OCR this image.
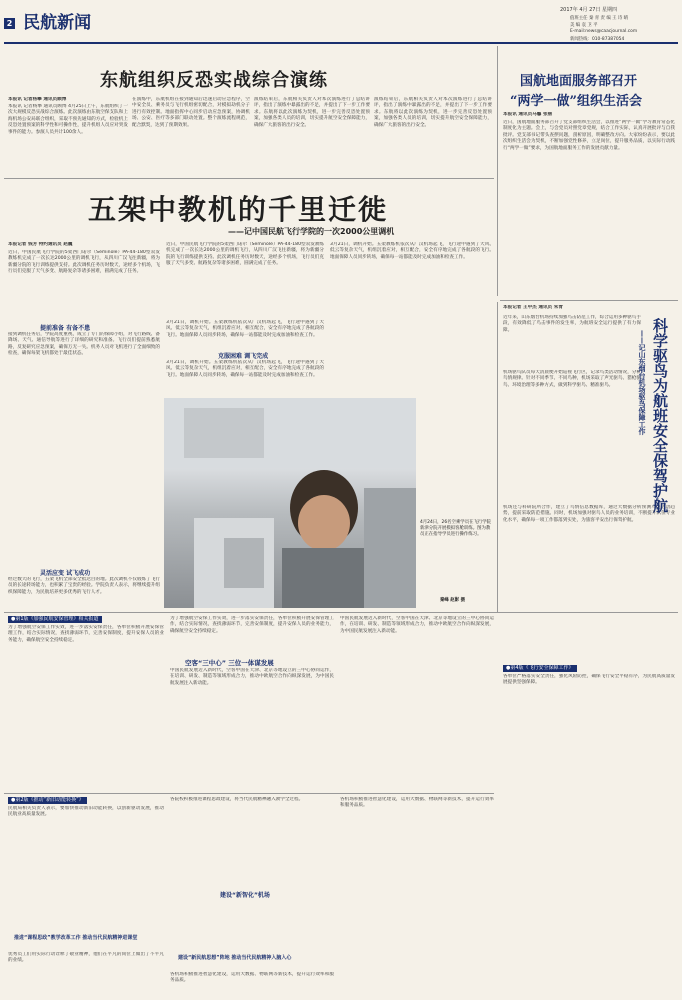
2 民航新闻
2017年 4月 27日 星期四
值班主任 秦 青 责 编 王 诗 晴
美 编 袁 卫 平
E-mail:news@caacjournal.com
新闻热线：010-87387054
东航组织反恐实战综合演练
本报讯 记者杨攀 通讯员顾博
本报讯 记者杨攀 通讯员顾博 4月25日上午，东航组织了一次大规模反恐实战综合演练。此次演练由东航空保支队和上海机场公安局联合组织，采取不预先通知的方式，检验机上反恐处置预案的科学性和可操作性，提升机组人员应对突发事件的能力。参演人员共计100余人。
在演练中，东航机组在接到通知后迅速启动应急程序，空中安全员、乘务员与飞行机组密切配合，对模拟劫机分子进行有效控制。地面指挥中心同步启动应急预案，协调机场、公安、医疗等多部门联动处置。整个演练流程规范，配合默契，达到了预期效果。
演练结束后，东航相关负责人对本次演练进行了总结讲评，指出了演练中暴露出的不足，并提出了下一步工作要求。东航将以此次演练为契机，进一步完善反恐处置预案，加强各类人员的培训，切实提升航空安全保障能力，确保广大旅客的出行安全。
演练结束后，东航相关负责人对本次演练进行了总结讲评，指出了演练中暴露出的不足，并提出了下一步工作要求。东航将以此次演练为契机，进一步完善反恐处置预案，加强各类人员的培训，切实提升航空安全保障能力，确保广大旅客的出行安全。
国航地面服务部召开
“两学一做”组织生活会
本报讯 通讯员马馨 张丽
近日，国航地面服务部召开了党支部组织生活会，以推进“两学一做”学习教育常态化制度化为主题。会上，与会党员对照党章党规，结合工作实际，认真开展批评与自我批评。党支部书记带头查摆问题，剖析原因，明确整改方向。大家纷纷表示，要以此次组织生活会为契机，不断加强党性修养，立足岗位，提升服务品质，以实际行动践行“两学一做”要求，为国航地面服务工作的发展贡献力量。
五架中教机的千里迁徙
——记中国民航飞行学院的一次2000公里调机
本报记者 钱芳 特约通讯员 赵巍
近日，中国民航飞行学院的5架西门诺尔（Seminole）PA-44-180型双发教练机完成了一次长达2000公里的调机飞行，从四川广汉飞往新疆，将为新疆分院的飞行训练提供支持。此次调机任务历时数天，途经多个机场，飞行员们克服了天气多变、航路复杂等诸多困难，圆满完成了任务。
提前准备 有备不患
接到调机任务后，学院高度重视，成立了专门的保障小组，对飞行路线、备降场、天气、通信导航等进行了详细的研究和准备。飞行员们提前熟悉航路，反复研究应急预案，确保万无一失。机务人员对飞机进行了全面细致的检查，确保每架飞机都处于最佳状态。
灵活应变 试飞成功
经过数天的飞行，五架飞机全部安全抵达目的地。此次调机不仅锻炼了飞行员的长途转场能力，也积累了宝贵的经验。学院负责人表示，将继续提升组织保障能力，为民航培养更多优秀的飞行人才。
近日，中国民航飞行学院的5架西门诺尔（Seminole）PA-44-180型双发教练机完成了一次长达2000公里的调机飞行，从四川广汉飞往新疆，将为新疆分院的飞行训练提供支持。此次调机任务历时数天，途经多个机场，飞行员们克服了天气多变、航路复杂等诸多困难，圆满完成了任务。
克服困难 调飞完成
3月21日，调机开始。五架教练机依次从广汉机场起飞，飞行途中遇到了大风、低云等复杂天气，机组沉着应对，相互配合，安全有序地完成了各航段的飞行。地面保障人员同步转场，确保每一站都能及时完成加油和检查工作。
3月21日，调机开始。五架教练机依次从广汉机场起飞，飞行途中遇到了大风、低云等复杂天气，机组沉着应对，相互配合，安全有序地完成了各航段的飞行。地面保障人员同步转场，确保每一站都能及时完成加油和检查工作。
3月21日，调机开始。五架教练机依次从广汉机场起飞，飞行途中遇到了大风、低云等复杂天气，机组沉着应对，相互配合，安全有序地完成了各航段的飞行。地面保障人员同步转场，确保每一站都能及时完成加油和检查工作。
4月24日，26名空乘学员在飞行学院新津分院开展模拟客舱训练。图为教员正在指导学员进行操作练习。
秦峰 赵影 摄
本报记者 王中杰 通讯员 朱青
近年来，山东烟台机场持续加强鸟击防范工作，综合运用多种驱鸟手段，有效降低了鸟击事件的发生率，为航班安全运行提供了有力保障。
机场驱鸟队员每天清晨便开始巡视飞行区，记录鸟类活动情况，分析鸟情规律。针对不同季节、不同鸟种，机场采取了声光驱鸟、猎枪驱鸟、环境治理等多种方式，做到科学驱鸟、精准驱鸟。
机场还与科研院所合作，建立了鸟情信息数据库，通过大数据分析预测鸟类活动趋势，提前采取防范措施。同时，机场加强对驱鸟人员的业务培训，不断提升队伍专业化水平，确保每一项工作都落到实处，为旅客平安出行保驾护航。
科学驱鸟为航班安全保驾护航
——记山东烟台机场驱鸟保障工作
●第1版《加强民航安保管理》相关报道
为了增强航空安保工作实效，进一步落实安保责任，各单位积极开展安保管理工作，结合实际情况，查找薄弱环节，完善安保制度，提升安保人员的业务能力，确保航空安全持续稳定。
为了增强航空安保工作实效，进一步落实安保责任，各单位积极开展安保管理工作，结合实际情况，查找薄弱环节，完善安保制度，提升安保人员的业务能力，确保航空安全持续稳定。
空客“三中心” 三位一体谋发展
中国民航发展迈入新时代，空客中国在天津、北京等地设立的三中心协同运作，在培训、研发、制造等领域形成合力，推动中欧航空合作向纵深发展，为中国民航发展注入新动能。
中国民航发展迈入新时代，空客中国在天津、北京等地设立的三中心协同运作，在培训、研发、制造等领域形成合力，推动中欧航空合作向纵深发展，为中国民航发展注入新动能。
●第4版《飞行安全保障工作》
各单位严格落实安全责任，强化风险防控，确保飞行安全平稳有序，为民航高质量发展提供坚强保障。
●第2版《推动“新旧动能转换”》
民航局相关负责人表示，要加快推动新旧动能转换，以创新驱动发展，推动民航业高质量发展。
推进“课程思政”教学改革工作 推动当代民航精神进课堂
优秀员工们用实际行动诠释了敬业精神，他们在平凡的岗位上做出了不平凡的业绩。
各院校积极推进课程思政建设，将当代民航精神融入教学全过程。
建设“新智化”机场
建设“新民航思想”阵地 推动当代民航精神入脑入心
各机场积极推进智慧化建设，运用大数据、物联网等新技术，提升运行效率和服务品质。
各机场积极推进智慧化建设，运用大数据、物联网等新技术，提升运行效率和服务品质。
